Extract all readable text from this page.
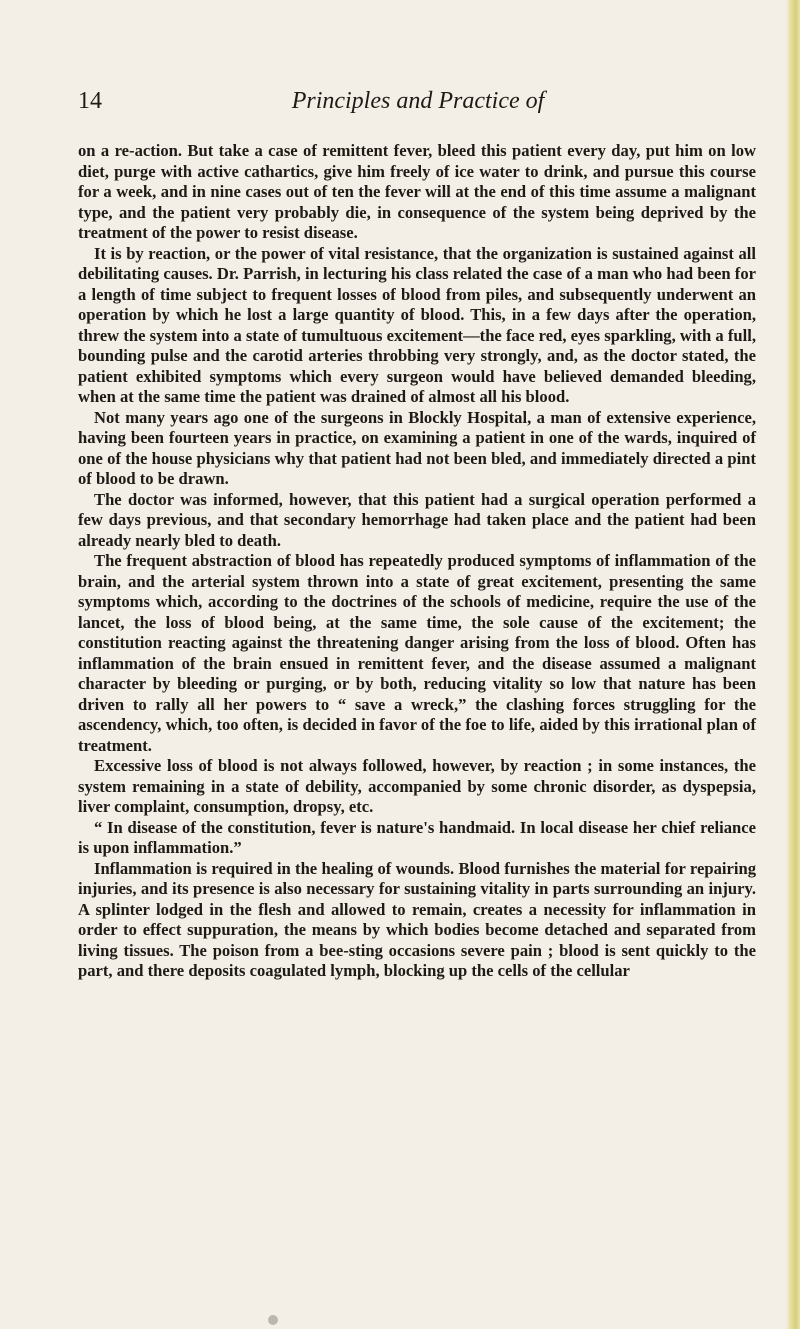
14	Principles and Practice of

on a re-action. But take a case of remittent fever, bleed this patient every day, put him on low diet, purge with active cathartics, give him freely of ice water to drink, and pursue this course for a week, and in nine cases out of ten the fever will at the end of this time assume a malignant type, and the patient very probably die, in consequence of the system being deprived by the treatment of the power to resist disease.

It is by reaction, or the power of vital resistance, that the organization is sustained against all debilitating causes. Dr. Parrish, in lecturing his class related the case of a man who had been for a length of time subject to frequent losses of blood from piles, and subsequently underwent an operation by which he lost a large quantity of blood. This, in a few days after the operation, threw the system into a state of tumultuous excitement—the face red, eyes sparkling, with a full, bounding pulse and the carotid arteries throbbing very strongly, and, as the doctor stated, the patient exhibited symptoms which every surgeon would have believed demanded bleeding, when at the same time the patient was drained of almost all his blood.

Not many years ago one of the surgeons in Blockly Hospital, a man of extensive experience, having been fourteen years in practice, on examining a patient in one of the wards, inquired of one of the house physicians why that patient had not been bled, and immediately directed a pint of blood to be drawn.

The doctor was informed, however, that this patient had a surgical operation performed a few days previous, and that secondary hemorrhage had taken place and the patient had been already nearly bled to death.

The frequent abstraction of blood has repeatedly produced symptoms of inflammation of the brain, and the arterial system thrown into a state of great excitement, presenting the same symptoms which, according to the doctrines of the schools of medicine, require the use of the lancet, the loss of blood being, at the same time, the sole cause of the excitement; the constitution reacting against the threatening danger arising from the loss of blood. Often has inflammation of the brain ensued in remittent fever, and the disease assumed a malignant character by bleeding or purging, or by both, reducing vitality so low that nature has been driven to rally all her powers to “ save a wreck,” the clashing forces struggling for the ascendency, which, too often, is decided in favor of the foe to life, aided by this irrational plan of treatment.

Excessive loss of blood is not always followed, however, by reaction ; in some instances, the system remaining in a state of debility, accompanied by some chronic disorder, as dyspepsia, liver complaint, consumption, dropsy, etc.

“ In disease of the constitution, fever is nature's handmaid. In local disease her chief reliance is upon inflammation.”

Inflammation is required in the healing of wounds. Blood furnishes the material for repairing injuries, and its presence is also necessary for sustaining vitality in parts surrounding an injury. A splinter lodged in the flesh and allowed to remain, creates a necessity for inflammation in order to effect suppuration, the means by which bodies become detached and separated from living tissues. The poison from a bee-sting occasions severe pain ; blood is sent quickly to the part, and there deposits coagulated lymph, blocking up the cells of the cellular
